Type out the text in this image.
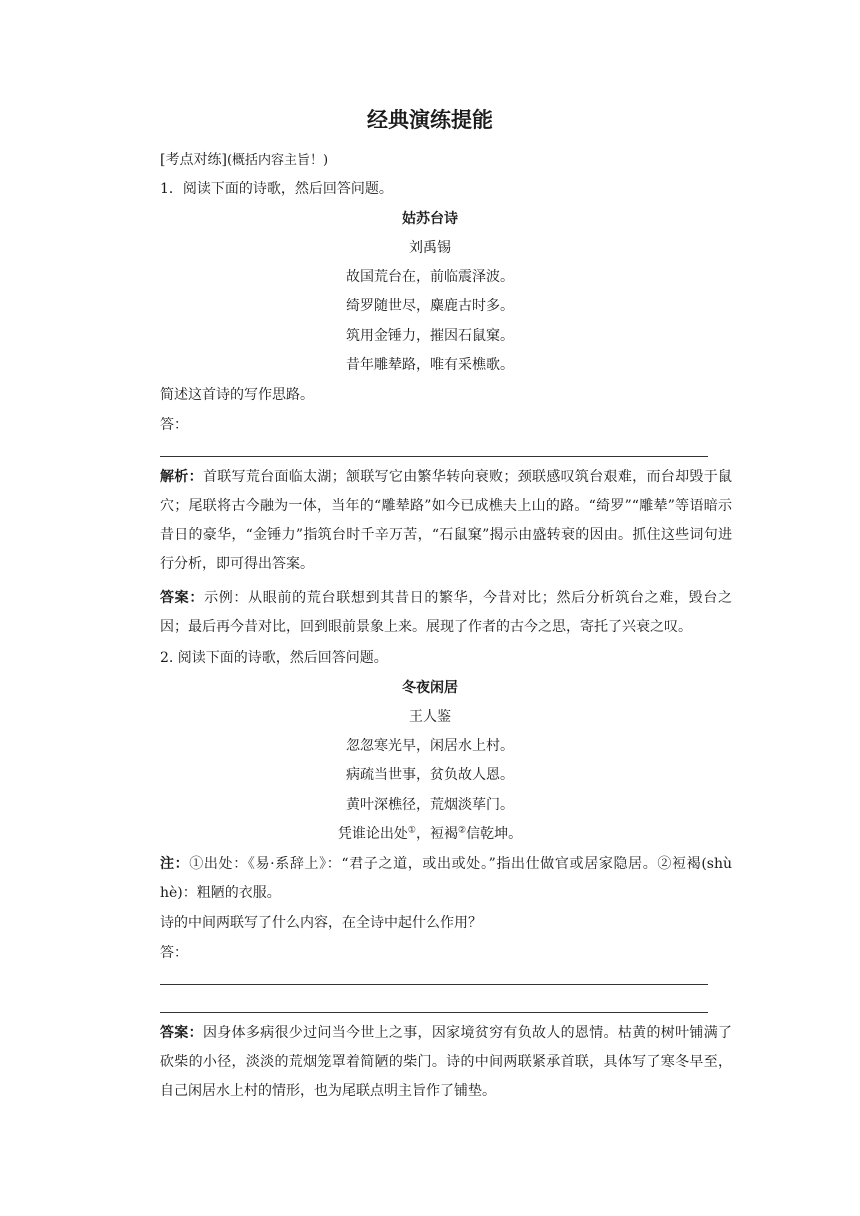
经典演练提能
[考点对练](概括内容主旨！)
1．阅读下面的诗歌，然后回答问题。
姑苏台诗
刘禹锡
故国荒台在，前临震泽波。
绮罗随世尽，麋鹿古时多。
筑用金锤力，摧因石鼠窠。
昔年雕辇路，唯有采樵歌。
简述这首诗的写作思路。
答：
解析：首联写荒台面临太湖；颔联写它由繁华转向衰败；颈联感叹筑台艰难，而台却毁于鼠穴；尾联将古今融为一体，当年的“雕辇路”如今已成樵夫上山的路。“绮罗”“雕辇”等语暗示昔日的豪华，“金锤力”指筑台时千辛万苦，“石鼠窠”揭示由盛转衰的因由。抓住这些词句进行分析，即可得出答案。
答案：示例：从眼前的荒台联想到其昔日的繁华，今昔对比；然后分析筑台之难，毁台之因；最后再今昔对比，回到眼前景象上来。展现了作者的古今之思，寄托了兴衰之叹。
2. 阅读下面的诗歌，然后回答问题。
冬夜闲居
王人鉴
忽忽寒光早，闲居水上村。
病疏当世事，贫负故人恩。
黄叶深樵径，荒烟淡荜门。
凭谁论出处①，裋褐②信乾坤。
注：①出处：《易·系辞上》：“君子之道，或出或处。”指出仕做官或居家隐居。②裋褐(shù hè)：粗陋的衣服。
诗的中间两联写了什么内容，在全诗中起什么作用？
答：
答案：因身体多病很少过问当今世上之事，因家境贫穷有负故人的恩情。枯黄的树叶铺满了砍柴的小径，淡淡的荒烟笼罩着简陋的柴门。诗的中间两联紧承首联，具体写了寒冬早至，自己闲居水上村的情形，也为尾联点明主旨作了铺垫。
